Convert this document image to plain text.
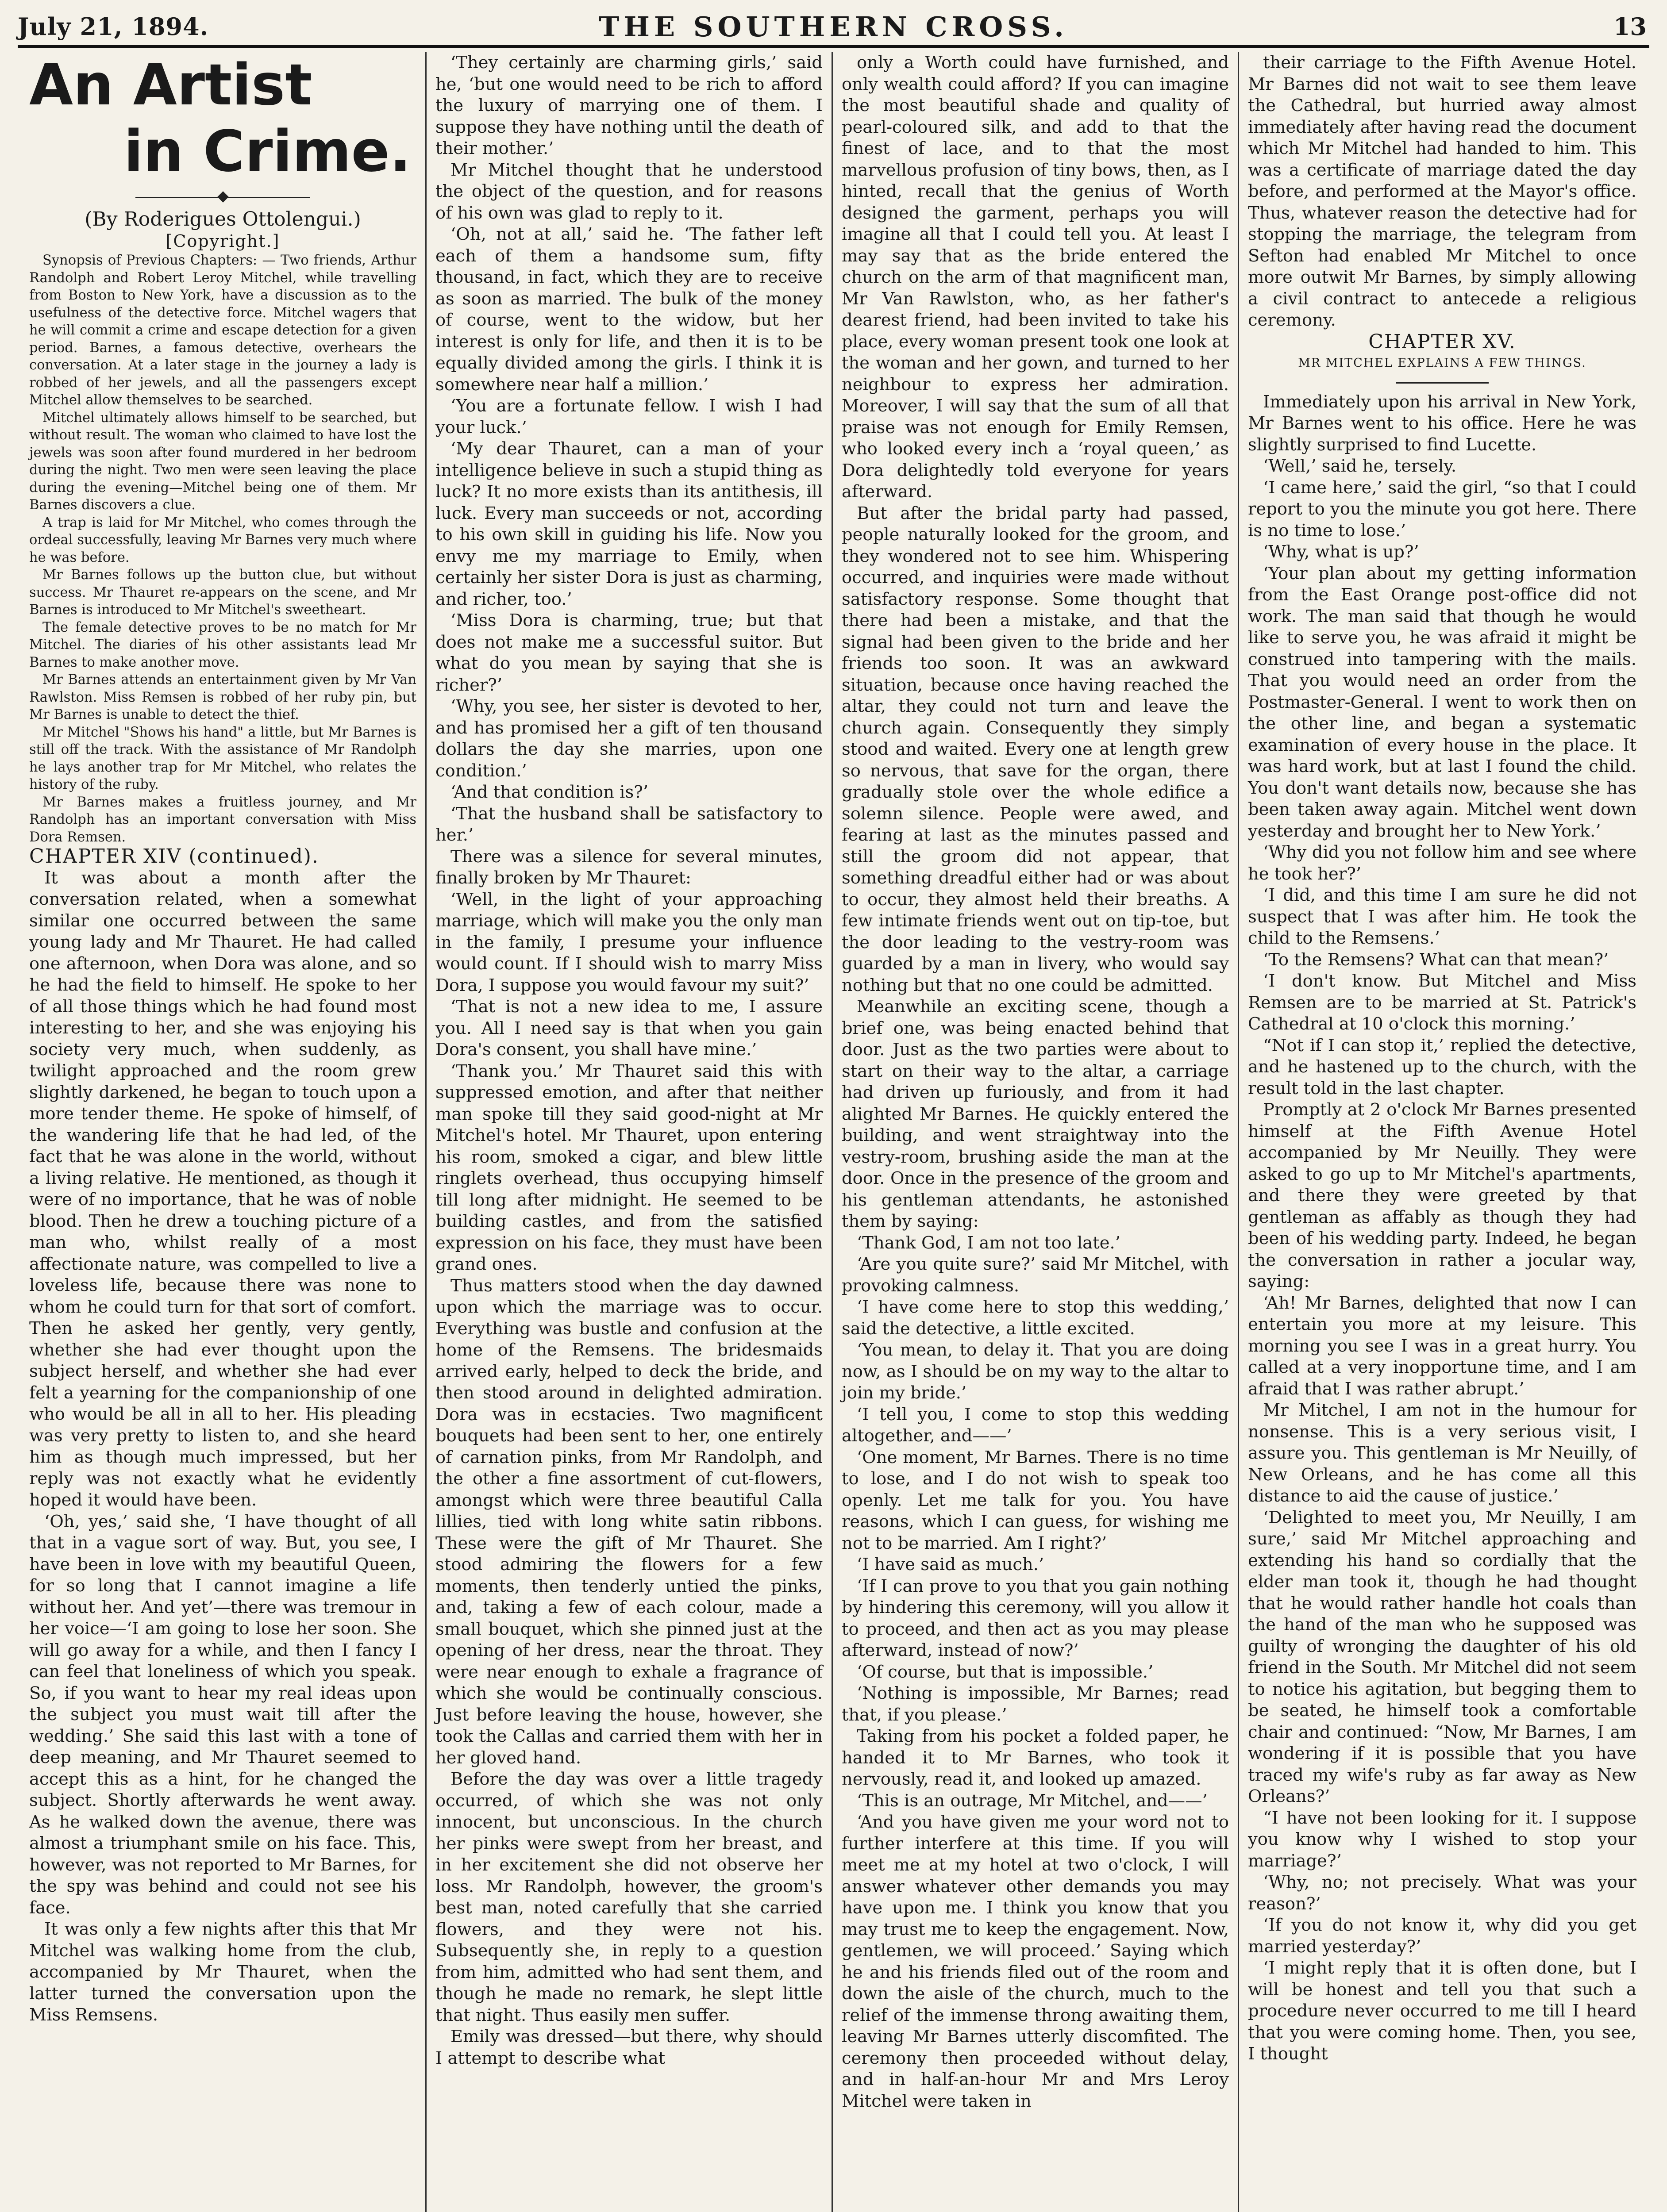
July 21, 1894.	THE SOUTHERN CROSS.	13

An Artist

in Crime.

(By Roderigues Ottolengui.)

[Copyright.]

Synopsis of Previous Chapters: — Two friends, Arthur Randolph and Robert Leroy Mitchel, while travelling from Boston to New York, have a discussion as to the usefulness of the detective force. Mitchel wagers that he will commit a crime and escape detection for a given period. Barnes, a famous detective, overhears the conversation. At a later stage in the journey a lady is robbed of her jewels, and all the passengers except Mitchel allow themselves to be searched.

Mitchel ultimately allows himself to be searched, but without result. The woman who claimed to have lost the jewels was soon after found murdered in her bedroom during the night. Two men were seen leaving the place during the evening—Mitchel being one of them. Mr Barnes discovers a clue.

A trap is laid for Mr Mitchel, who comes through the ordeal successfully, leaving Mr Barnes very much where he was before.

Mr Barnes follows up the button clue, but without success. Mr Thauret re-appears on the scene, and Mr Barnes is introduced to Mr Mitchel's sweetheart.

The female detective proves to be no match for Mr Mitchel. The diaries of his other assistants lead Mr Barnes to make another move.

Mr Barnes attends an entertainment given by Mr Van Rawlston. Miss Remsen is robbed of her ruby pin, but Mr Barnes is unable to detect the thief.

Mr Mitchel "Shows his hand" a little, but Mr Barnes is still off the track. With the assistance of Mr Randolph he lays another trap for Mr Mitchel, who relates the history of the ruby.

Mr Barnes makes a fruitless journey, and Mr Randolph has an important conversation with Miss Dora Remsen.

CHAPTER XIV (continued).

It was about a month after the conversation related, when a somewhat similar one occurred between the same young lady and Mr Thauret. He had called one afternoon, when Dora was alone, and so he had the field to himself. He spoke to her of all those things which he had found most interesting to her, and she was enjoying his society very much, when suddenly, as twilight approached and the room grew slightly darkened, he began to touch upon a more tender theme. He spoke of himself, of the wandering life that he had led, of the fact that he was alone in the world, without a living relative. He mentioned, as though it were of no importance, that he was of noble blood. Then he drew a touching picture of a man who, whilst really of a most affectionate nature, was compelled to live a loveless life, because there was none to whom he could turn for that sort of comfort. Then he asked her gently, very gently, whether she had ever thought upon the subject herself, and whether she had ever felt a yearning for the companionship of one who would be all in all to her. His pleading was very pretty to listen to, and she heard him as though much impressed, but her reply was not exactly what he evidently hoped it would have been.

‘Oh, yes,’ said she, ‘I have thought of all that in a vague sort of way. But, you see, I have been in love with my beautiful Queen, for so long that I cannot imagine a life without her. And yet’—there was tremour in her voice—‘I am going to lose her soon. She will go away for a while, and then I fancy I can feel that loneliness of which you speak. So, if you want to hear my real ideas upon the subject you must wait till after the wedding.’ She said this last with a tone of deep meaning, and Mr Thauret seemed to accept this as a hint, for he changed the subject. Shortly afterwards he went away. As he walked down the avenue, there was almost a triumphant smile on his face. This, however, was not reported to Mr Barnes, for the spy was behind and could not see his face.

It was only a few nights after this that Mr Mitchel was walking home from the club, accompanied by Mr Thauret, when the latter turned the conversation upon the Miss Remsens.

‘They certainly are charming girls,’ said he, ‘but one would need to be rich to afford the luxury of marrying one of them. I suppose they have nothing until the death of their mother.’

Mr Mitchel thought that he understood the object of the question, and for reasons of his own was glad to reply to it.

‘Oh, not at all,’ said he. ‘The father left each of them a handsome sum, fifty thousand, in fact, which they are to receive as soon as married. The bulk of the money of course, went to the widow, but her interest is only for life, and then it is to be equally divided among the girls. I think it is somewhere near half a million.’

‘You are a fortunate fellow. I wish I had your luck.’

‘My dear Thauret, can a man of your intelligence believe in such a stupid thing as luck? It no more exists than its antithesis, ill luck. Every man succeeds or not, according to his own skill in guiding his life. Now you envy me my marriage to Emily, when certainly her sister Dora is just as charming, and richer, too.’

‘Miss Dora is charming, true; but that does not make me a successful suitor. But what do you mean by saying that she is richer?’

‘Why, you see, her sister is devoted to her, and has promised her a gift of ten thousand dollars the day she marries, upon one condition.’

‘And that condition is?’

‘That the husband shall be satisfactory to her.’

There was a silence for several minutes, finally broken by Mr Thauret:

‘Well, in the light of your approaching marriage, which will make you the only man in the family, I presume your influence would count. If I should wish to marry Miss Dora, I suppose you would favour my suit?’

‘That is not a new idea to me, I assure you. All I need say is that when you gain Dora's consent, you shall have mine.’

‘Thank you.’ Mr Thauret said this with suppressed emotion, and after that neither man spoke till they said good-night at Mr Mitchel's hotel. Mr Thauret, upon entering his room, smoked a cigar, and blew little ringlets overhead, thus occupying himself till long after midnight. He seemed to be building castles, and from the satisfied expression on his face, they must have been grand ones.

Thus matters stood when the day dawned upon which the marriage was to occur. Everything was bustle and confusion at the home of the Remsens. The bridesmaids arrived early, helped to deck the bride, and then stood around in delighted admiration. Dora was in ecstacies. Two magnificent bouquets had been sent to her, one entirely of carnation pinks, from Mr Randolph, and the other a fine assortment of cut-flowers, amongst which were three beautiful Calla lillies, tied with long white satin ribbons. These were the gift of Mr Thauret. She stood admiring the flowers for a few moments, then tenderly untied the pinks, and, taking a few of each colour, made a small bouquet, which she pinned just at the opening of her dress, near the throat. They were near enough to exhale a fragrance of which she would be continually conscious. Just before leaving the house, however, she took the Callas and carried them with her in her gloved hand.

Before the day was over a little tragedy occurred, of which she was not only innocent, but unconscious. In the church her pinks were swept from her breast, and in her excitement she did not observe her loss. Mr Randolph, however, the groom's best man, noted carefully that she carried flowers, and they were not his. Subsequently she, in reply to a question from him, admitted who had sent them, and though he made no remark, he slept little that night. Thus easily men suffer.

Emily was dressed—but there, why should I attempt to describe what

only a Worth could have furnished, and only wealth could afford? If you can imagine the most beautiful shade and quality of pearl-coloured silk, and add to that the finest of lace, and to that the most marvellous profusion of tiny bows, then, as I hinted, recall that the genius of Worth designed the garment, perhaps you will imagine all that I could tell you. At least I may say that as the bride entered the church on the arm of that magnificent man, Mr Van Rawlston, who, as her father's dearest friend, had been invited to take his place, every woman present took one look at the woman and her gown, and turned to her neighbour to express her admiration. Moreover, I will say that the sum of all that praise was not enough for Emily Remsen, who looked every inch a ‘royal queen,’ as Dora delightedly told everyone for years afterward.

But after the bridal party had passed, people naturally looked for the groom, and they wondered not to see him. Whispering occurred, and inquiries were made without satisfactory response. Some thought that there had been a mistake, and that the signal had been given to the bride and her friends too soon. It was an awkward situation, because once having reached the altar, they could not turn and leave the church again. Consequently they simply stood and waited. Every one at length grew so nervous, that save for the organ, there gradually stole over the whole edifice a solemn silence. People were awed, and fearing at last as the minutes passed and still the groom did not appear, that something dreadful either had or was about to occur, they almost held their breaths. A few intimate friends went out on tip-toe, but the door leading to the vestry-room was guarded by a man in livery, who would say nothing but that no one could be admitted.

Meanwhile an exciting scene, though a brief one, was being enacted behind that door. Just as the two parties were about to start on their way to the altar, a carriage had driven up furiously, and from it had alighted Mr Barnes. He quickly entered the building, and went straightway into the vestry-room, brushing aside the man at the door. Once in the presence of the groom and his gentleman attendants, he astonished them by saying:

‘Thank God, I am not too late.’

‘Are you quite sure?’ said Mr Mitchel, with provoking calmness.

‘I have come here to stop this wedding,’ said the detective, a little excited.

‘You mean, to delay it. That you are doing now, as I should be on my way to the altar to join my bride.’

‘I tell you, I come to stop this wedding altogether, and——’

‘One moment, Mr Barnes. There is no time to lose, and I do not wish to speak too openly. Let me talk for you. You have reasons, which I can guess, for wishing me not to be married. Am I right?’

‘I have said as much.’

‘If I can prove to you that you gain nothing by hindering this ceremony, will you allow it to proceed, and then act as you may please afterward, instead of now?’

‘Of course, but that is impossible.’

‘Nothing is impossible, Mr Barnes; read that, if you please.’

Taking from his pocket a folded paper, he handed it to Mr Barnes, who took it nervously, read it, and looked up amazed.

‘This is an outrage, Mr Mitchel, and——’

‘And you have given me your word not to further interfere at this time. If you will meet me at my hotel at two o'clock, I will answer whatever other demands you may have upon me. I think you know that you may trust me to keep the engagement. Now, gentlemen, we will proceed.’ Saying which he and his friends filed out of the room and down the aisle of the church, much to the relief of the immense throng awaiting them, leaving Mr Barnes utterly discomfited. The ceremony then proceeded without delay, and in half-an-hour Mr and Mrs Leroy Mitchel were taken in

their carriage to the Fifth Avenue Hotel. Mr Barnes did not wait to see them leave the Cathedral, but hurried away almost immediately after having read the document which Mr Mitchel had handed to him. This was a certificate of marriage dated the day before, and performed at the Mayor's office. Thus, whatever reason the detective had for stopping the marriage, the telegram from Sefton had enabled Mr Mitchel to once more outwit Mr Barnes, by simply allowing a civil contract to antecede a religious ceremony.

CHAPTER XV.

MR MITCHEL EXPLAINS A FEW THINGS.

Immediately upon his arrival in New York, Mr Barnes went to his office. Here he was slightly surprised to find Lucette.

‘Well,’ said he, tersely.

‘I came here,’ said the girl, “so that I could report to you the minute you got here. There is no time to lose.’

‘Why, what is up?’

‘Your plan about my getting information from the East Orange post-office did not work. The man said that though he would like to serve you, he was afraid it might be construed into tampering with the mails. That you would need an order from the Postmaster-General. I went to work then on the other line, and began a systematic examination of every house in the place. It was hard work, but at last I found the child. You don't want details now, because she has been taken away again. Mitchel went down yesterday and brought her to New York.’

‘Why did you not follow him and see where he took her?’

‘I did, and this time I am sure he did not suspect that I was after him. He took the child to the Remsens.’

‘To the Remsens? What can that mean?’

‘I don't know. But Mitchel and Miss Remsen are to be married at St. Patrick's Cathedral at 10 o'clock this morning.’

“Not if I can stop it,’ replied the detective, and he hastened up to the church, with the result told in the last chapter.

Promptly at 2 o'clock Mr Barnes presented himself at the Fifth Avenue Hotel accompanied by Mr Neuilly. They were asked to go up to Mr Mitchel's apartments, and there they were greeted by that gentleman as affably as though they had been of his wedding party. Indeed, he began the conversation in rather a jocular way, saying:

‘Ah! Mr Barnes, delighted that now I can entertain you more at my leisure. This morning you see I was in a great hurry. You called at a very inopportune time, and I am afraid that I was rather abrupt.’

Mr Mitchel, I am not in the humour for nonsense. This is a very serious visit, I assure you. This gentleman is Mr Neuilly, of New Orleans, and he has come all this distance to aid the cause of justice.’

‘Delighted to meet you, Mr Neuilly, I am sure,’ said Mr Mitchel approaching and extending his hand so cordially that the elder man took it, though he had thought that he would rather handle hot coals than the hand of the man who he supposed was guilty of wronging the daughter of his old friend in the South. Mr Mitchel did not seem to notice his agitation, but begging them to be seated, he himself took a comfortable chair and continued: “Now, Mr Barnes, I am wondering if it is possible that you have traced my wife's ruby as far away as New Orleans?’

“I have not been looking for it. I suppose you know why I wished to stop your marriage?’

‘Why, no; not precisely. What was your reason?’

‘If you do not know it, why did you get married yesterday?’

‘I might reply that it is often done, but I will be honest and tell you that such a procedure never occurred to me till I heard that you were coming home. Then, you see, I thought
